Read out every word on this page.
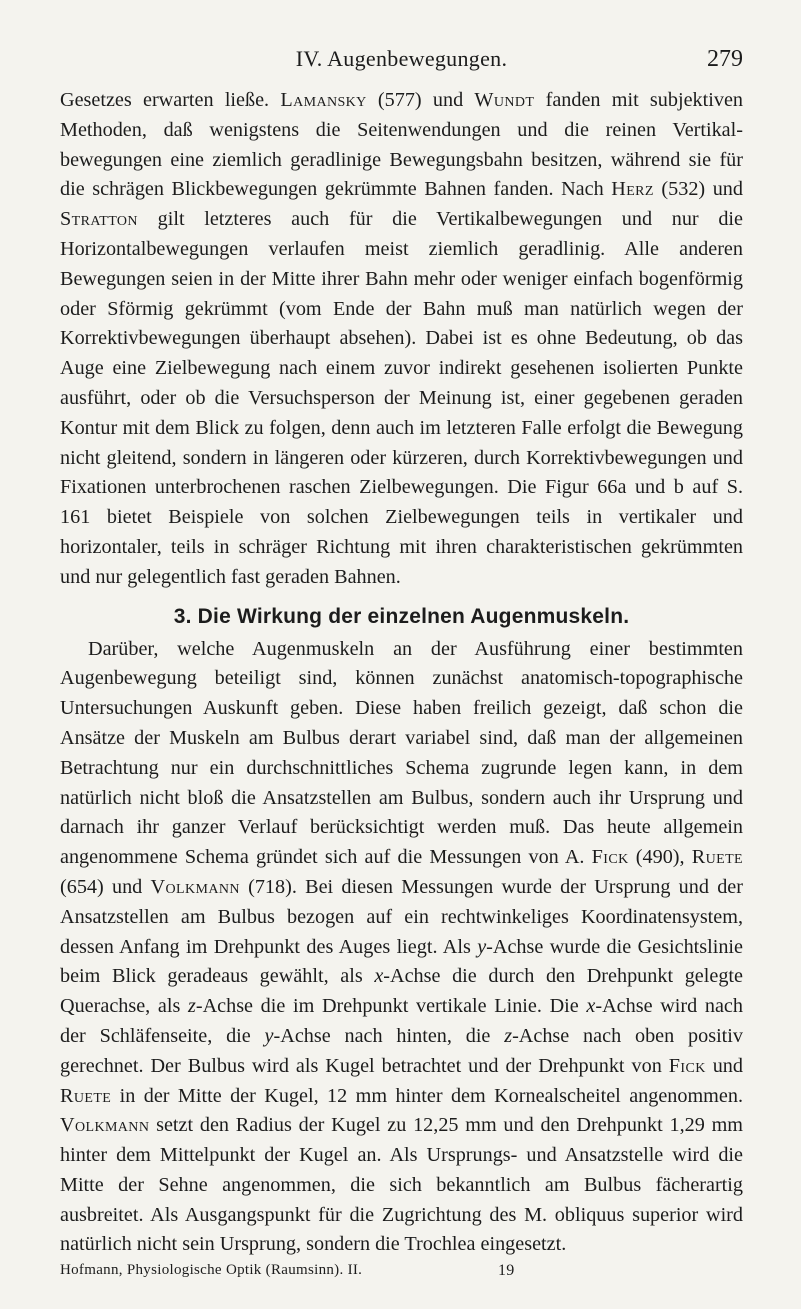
IV. Augenbewegungen.	279

Gesetzes erwarten ließe. Lamansky (577) und Wundt fanden mit subjektiven Methoden, daß wenigstens die Seitenwendungen und die reinen Vertikalbewegungen eine ziemlich geradlinige Bewegungsbahn besitzen, während sie für die schrägen Blickbewegungen gekrümmte Bahnen fanden. Nach Herz (532) und Stratton gilt letzteres auch für die Vertikalbewegungen und nur die Horizontalbewegungen verlaufen meist ziemlich geradlinig. Alle anderen Bewegungen seien in der Mitte ihrer Bahn mehr oder weniger einfach bogenförmig oder Sförmig gekrümmt (vom Ende der Bahn muß man natürlich wegen der Korrektivbewegungen überhaupt absehen). Dabei ist es ohne Bedeutung, ob das Auge eine Zielbewegung nach einem zuvor indirekt gesehenen isolierten Punkte ausführt, oder ob die Versuchsperson der Meinung ist, einer gegebenen geraden Kontur mit dem Blick zu folgen, denn auch im letzteren Falle erfolgt die Bewegung nicht gleitend, sondern in längeren oder kürzeren, durch Korrektivbewegungen und Fixationen unterbrochenen raschen Zielbewegungen. Die Figur 66a und b auf S. 161 bietet Beispiele von solchen Zielbewegungen teils in vertikaler und horizontaler, teils in schräger Richtung mit ihren charakteristischen gekrümmten und nur gelegentlich fast geraden Bahnen.

3. Die Wirkung der einzelnen Augenmuskeln.

Darüber, welche Augenmuskeln an der Ausführung einer bestimmten Augenbewegung beteiligt sind, können zunächst anatomisch-topographische Untersuchungen Auskunft geben. Diese haben freilich gezeigt, daß schon die Ansätze der Muskeln am Bulbus derart variabel sind, daß man der allgemeinen Betrachtung nur ein durchschnittliches Schema zugrunde legen kann, in dem natürlich nicht bloß die Ansatzstellen am Bulbus, sondern auch ihr Ursprung und darnach ihr ganzer Verlauf berücksichtigt werden muß. Das heute allgemein angenommene Schema gründet sich auf die Messungen von A. Fick (490), Ruete (654) und Volkmann (718). Bei diesen Messungen wurde der Ursprung und der Ansatzstellen am Bulbus bezogen auf ein rechtwinkeliges Koordinatensystem, dessen Anfang im Drehpunkt des Auges liegt. Als y-Achse wurde die Gesichtslinie beim Blick geradeaus gewählt, als x-Achse die durch den Drehpunkt gelegte Querachse, als z-Achse die im Drehpunkt vertikale Linie. Die x-Achse wird nach der Schläfenseite, die y-Achse nach hinten, die z-Achse nach oben positiv gerechnet. Der Bulbus wird als Kugel betrachtet und der Drehpunkt von Fick und Ruete in der Mitte der Kugel, 12 mm hinter dem Kornealscheitel angenommen. Volkmann setzt den Radius der Kugel zu 12,25 mm und den Drehpunkt 1,29 mm hinter dem Mittelpunkt der Kugel an. Als Ursprungs- und Ansatzstelle wird die Mitte der Sehne angenommen, die sich bekanntlich am Bulbus fächerartig ausbreitet. Als Ausgangspunkt für die Zugrichtung des M. obliquus superior wird natürlich nicht sein Ursprung, sondern die Trochlea eingesetzt.

Hofmann, Physiologische Optik (Raumsinn). II.	19
